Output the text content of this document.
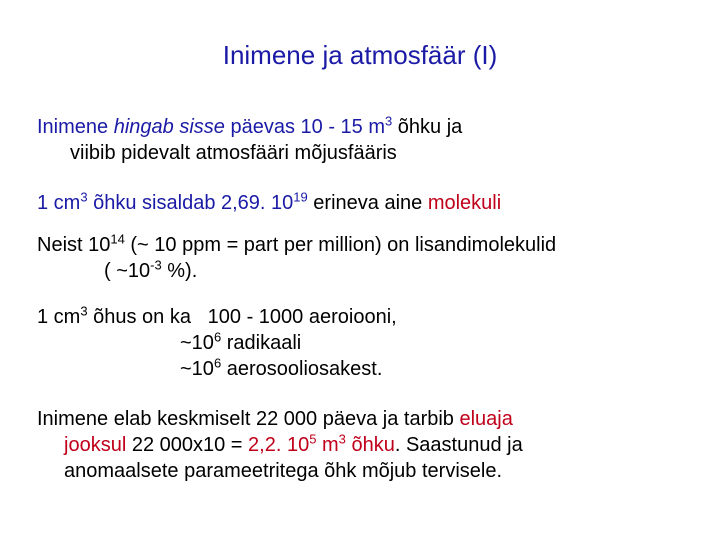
Inimene ja atmosfäär (I)
Inimene hingab sisse päevas 10 - 15 $m^3$ õhku ja
viibib pidevalt atmosfääri mõjusfääris
1 $cm^3$ õhku sisaldab 2,69. $10^{19}$ erineva aine molekuli
Neist $10^{14}$ (~ 10 ppm = part per million) on lisandimolekulid
( $\sim 10^{-3}$ %).
1 $cm^3$ õhus on ka   100 - 1000 aeroiooni,
$\sim 10^6$ radikaali
$\sim 10^6$ aerosooliosakest.
Inimene elab keskmiselt 22 000 päeva ja tarbib eluaja
jooksul 22 000x10 = 2,2. $10^5$ $m^3$ õhku. Saastunud ja
anomaalsete parameetritega õhk mõjub tervisele.
